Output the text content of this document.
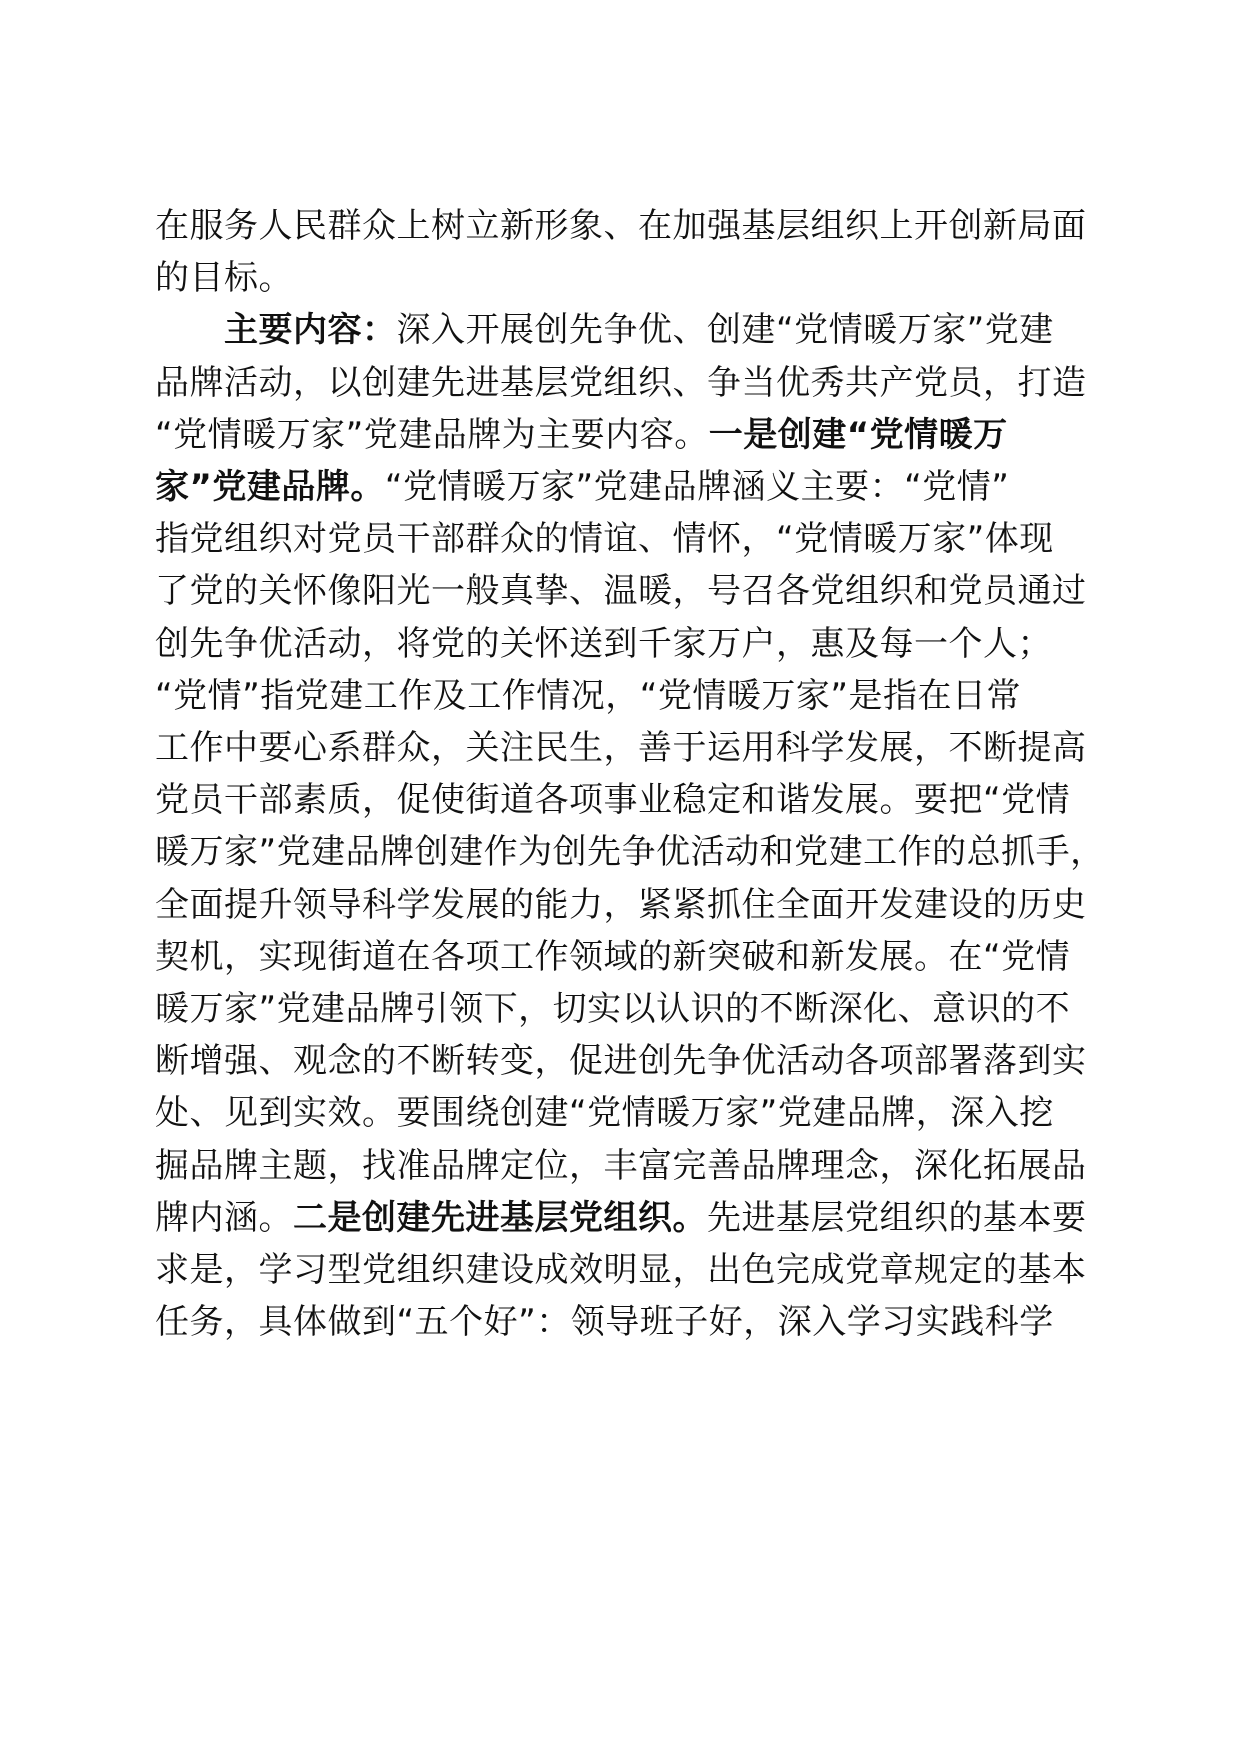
在服务人民群众上树立新形象、在加强基层组织上开创新局面
的目标。
　　主要内容：深入开展创先争优、创建“党情暖万家”党建
品牌活动，以创建先进基层党组织、争当优秀共产党员，打造
“党情暖万家”党建品牌为主要内容。一是创建“党情暖万
家”党建品牌。“党情暖万家”党建品牌涵义主要：“党情”
指党组织对党员干部群众的情谊、情怀，“党情暖万家”体现
了党的关怀像阳光一般真挚、温暖，号召各党组织和党员通过
创先争优活动，将党的关怀送到千家万户，惠及每一个人；
“党情”指党建工作及工作情况，“党情暖万家”是指在日常
工作中要心系群众，关注民生，善于运用科学发展，不断提高
党员干部素质，促使街道各项事业稳定和谐发展。要把“党情
暖万家”党建品牌创建作为创先争优活动和党建工作的总抓手，
全面提升领导科学发展的能力，紧紧抓住全面开发建设的历史
契机，实现街道在各项工作领域的新突破和新发展。在“党情
暖万家”党建品牌引领下，切实以认识的不断深化、意识的不
断增强、观念的不断转变，促进创先争优活动各项部署落到实
处、见到实效。要围绕创建“党情暖万家”党建品牌，深入挖
掘品牌主题，找准品牌定位，丰富完善品牌理念，深化拓展品
牌内涵。二是创建先进基层党组织。先进基层党组织的基本要
求是，学习型党组织建设成效明显，出色完成党章规定的基本
任务，具体做到“五个好”：领导班子好，深入学习实践科学
